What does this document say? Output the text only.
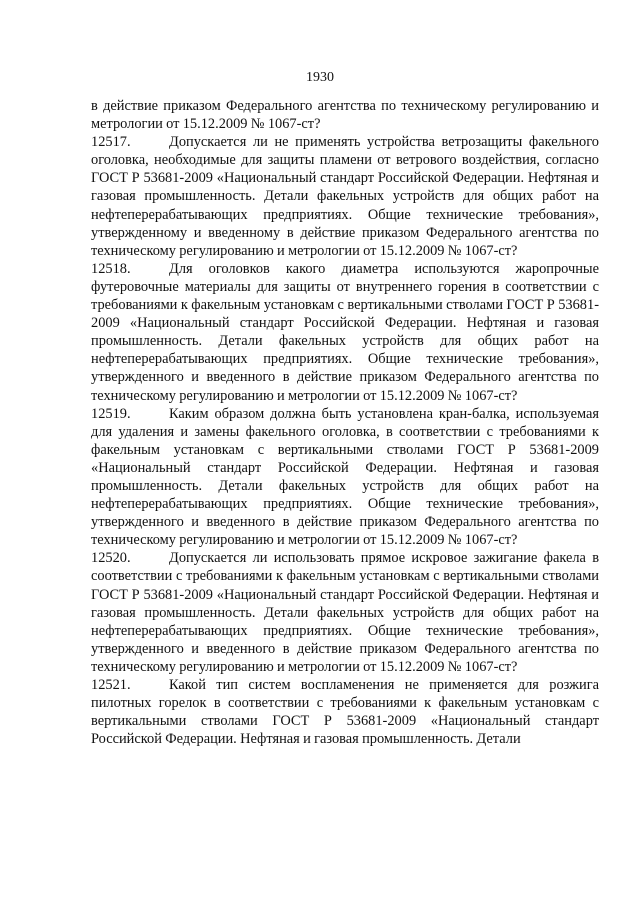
1930

в действие приказом Федерального агентства по техническому регулированию и метрологии от 15.12.2009 № 1067-ст?

12517.	Допускается ли не применять устройства ветрозащиты факельного оголовка, необходимые для защиты пламени от ветрового воздействия, согласно ГОСТ Р 53681-2009 «Национальный стандарт Российской Федерации. Нефтяная и газовая промышленность. Детали факельных устройств для общих работ на нефтеперерабатывающих предприятиях. Общие технические требования», утвержденному и введенному в действие приказом Федерального агентства по техническому регулированию и метрологии от 15.12.2009 № 1067-ст?

12518.	Для оголовков какого диаметра используются жаропрочные футеровочные материалы для защиты от внутреннего горения в соответствии с требованиями к факельным установкам с вертикальными стволами ГОСТ Р 53681-2009 «Национальный стандарт Российской Федерации. Нефтяная и газовая промышленность. Детали факельных устройств для общих работ на нефтеперерабатывающих предприятиях. Общие технические требования», утвержденного и введенного в действие приказом Федерального агентства по техническому регулированию и метрологии от 15.12.2009 № 1067-ст?

12519.	Каким образом должна быть установлена кран-балка, используемая для удаления и замены факельного оголовка, в соответствии с требованиями к факельным установкам с вертикальными стволами ГОСТ Р 53681-2009 «Национальный стандарт Российской Федерации. Нефтяная и газовая промышленность. Детали факельных устройств для общих работ на нефтеперерабатывающих предприятиях. Общие технические требования», утвержденного и введенного в действие приказом Федерального агентства по техническому регулированию и метрологии от 15.12.2009 № 1067-ст?

12520.	Допускается ли использовать прямое искровое зажигание факела в соответствии с требованиями к факельным установкам с вертикальными стволами ГОСТ Р 53681-2009 «Национальный стандарт Российской Федерации. Нефтяная и газовая промышленность. Детали факельных устройств для общих работ на нефтеперерабатывающих предприятиях. Общие технические требования», утвержденного и введенного в действие приказом Федерального агентства по техническому регулированию и метрологии от 15.12.2009 № 1067-ст?

12521.	Какой тип систем воспламенения не применяется для розжига пилотных горелок в соответствии с требованиями к факельным установкам с вертикальными стволами ГОСТ Р 53681-2009 «Национальный стандарт Российской Федерации. Нефтяная и газовая промышленность. Детали
